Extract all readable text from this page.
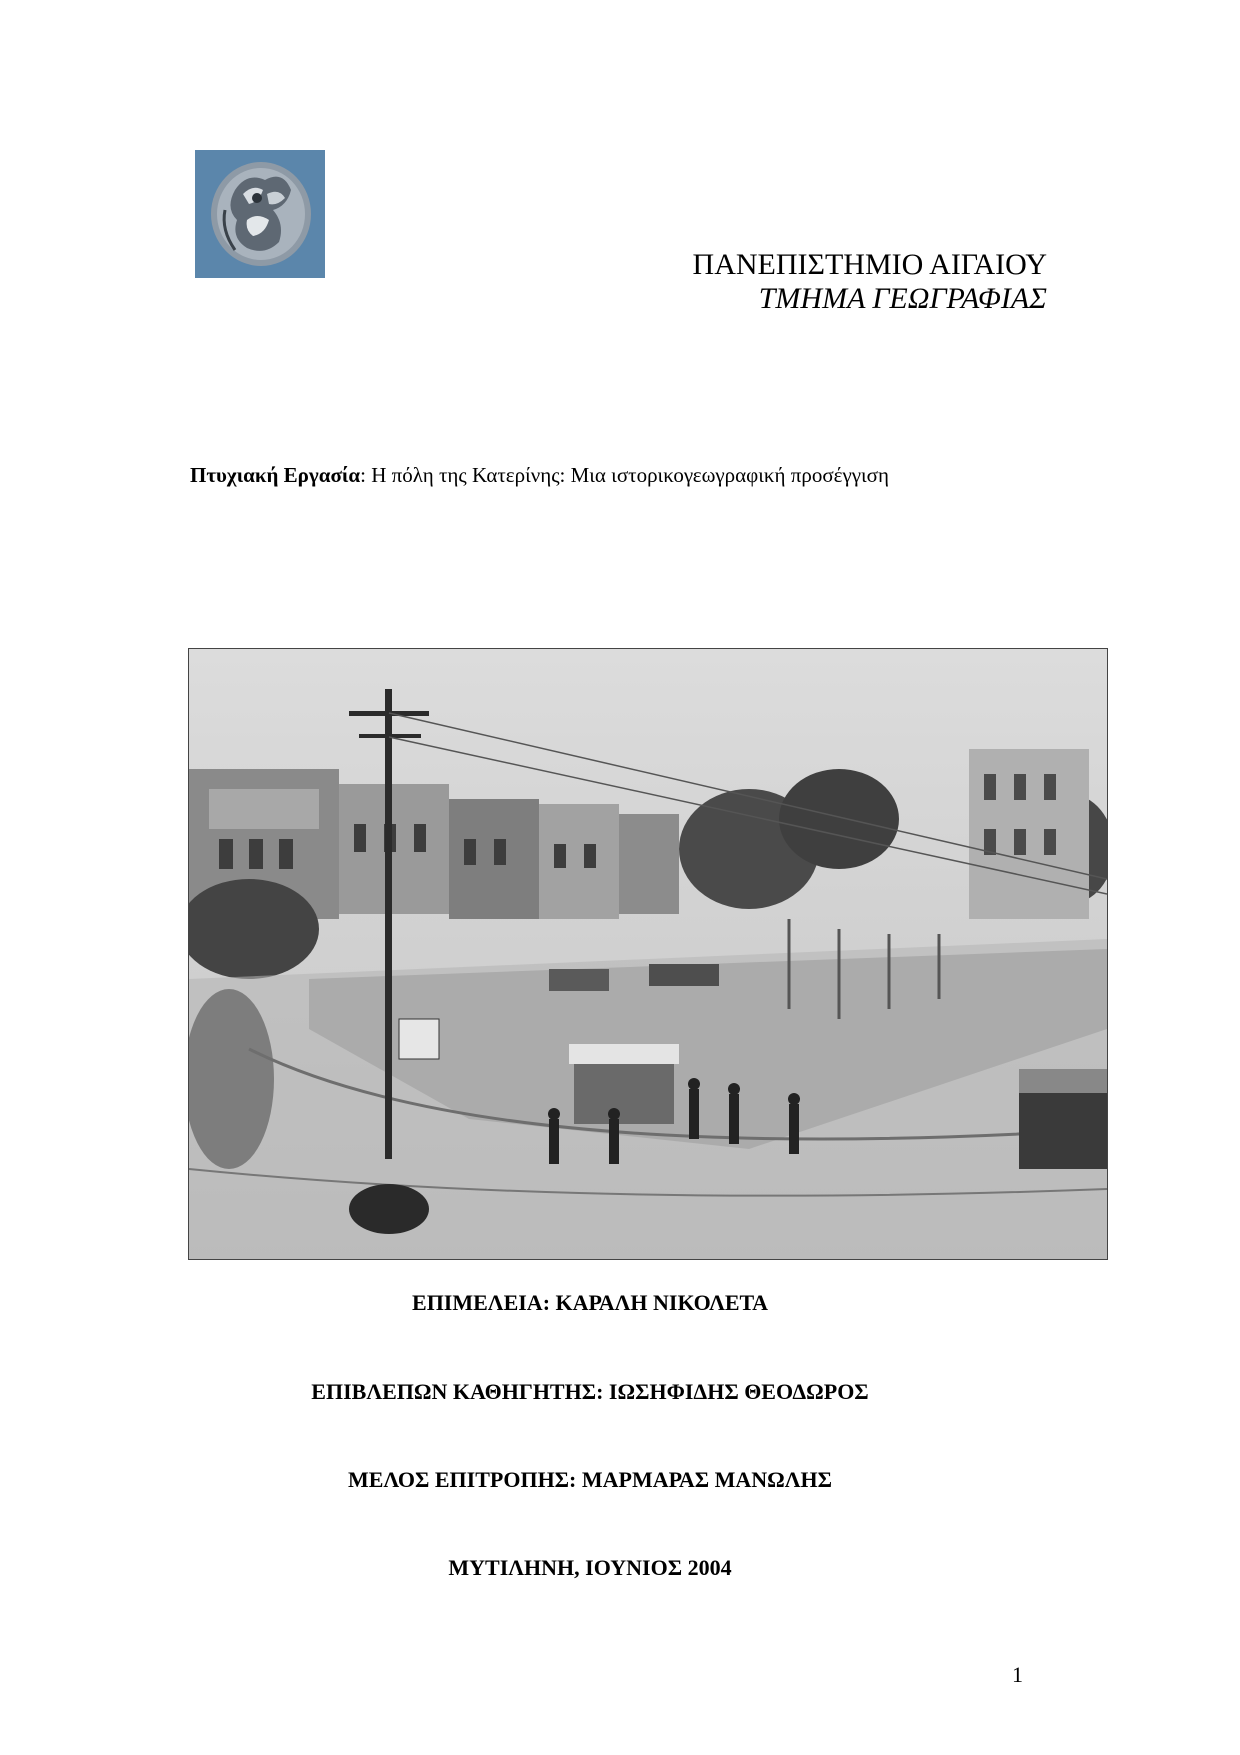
ΠΑΝΕΠΙΣΤΗΜΙΟ ΑΙΓΑΙΟΥ
ΤΜΗΜΑ ΓΕΩΓΡΑΦΙΑΣ
Πτυχιακή Εργασία: Η πόλη της Κατερίνης: Μια ιστορικογεωγραφική προσέγγιση
ΕΠΙΜΕΛΕΙΑ: ΚΑΡΑΛΗ ΝΙΚΟΛΕΤΑ
ΕΠΙΒΛΕΠΩΝ ΚΑΘΗΓΗΤΗΣ: ΙΩΣΗΦΙΔΗΣ ΘΕΟΔΩΡΟΣ
ΜΕΛΟΣ ΕΠΙΤΡΟΠΗΣ: ΜΑΡΜΑΡΑΣ ΜΑΝΩΛΗΣ
ΜΥΤΙΛΗΝΗ, ΙΟΥΝΙΟΣ 2004
1
